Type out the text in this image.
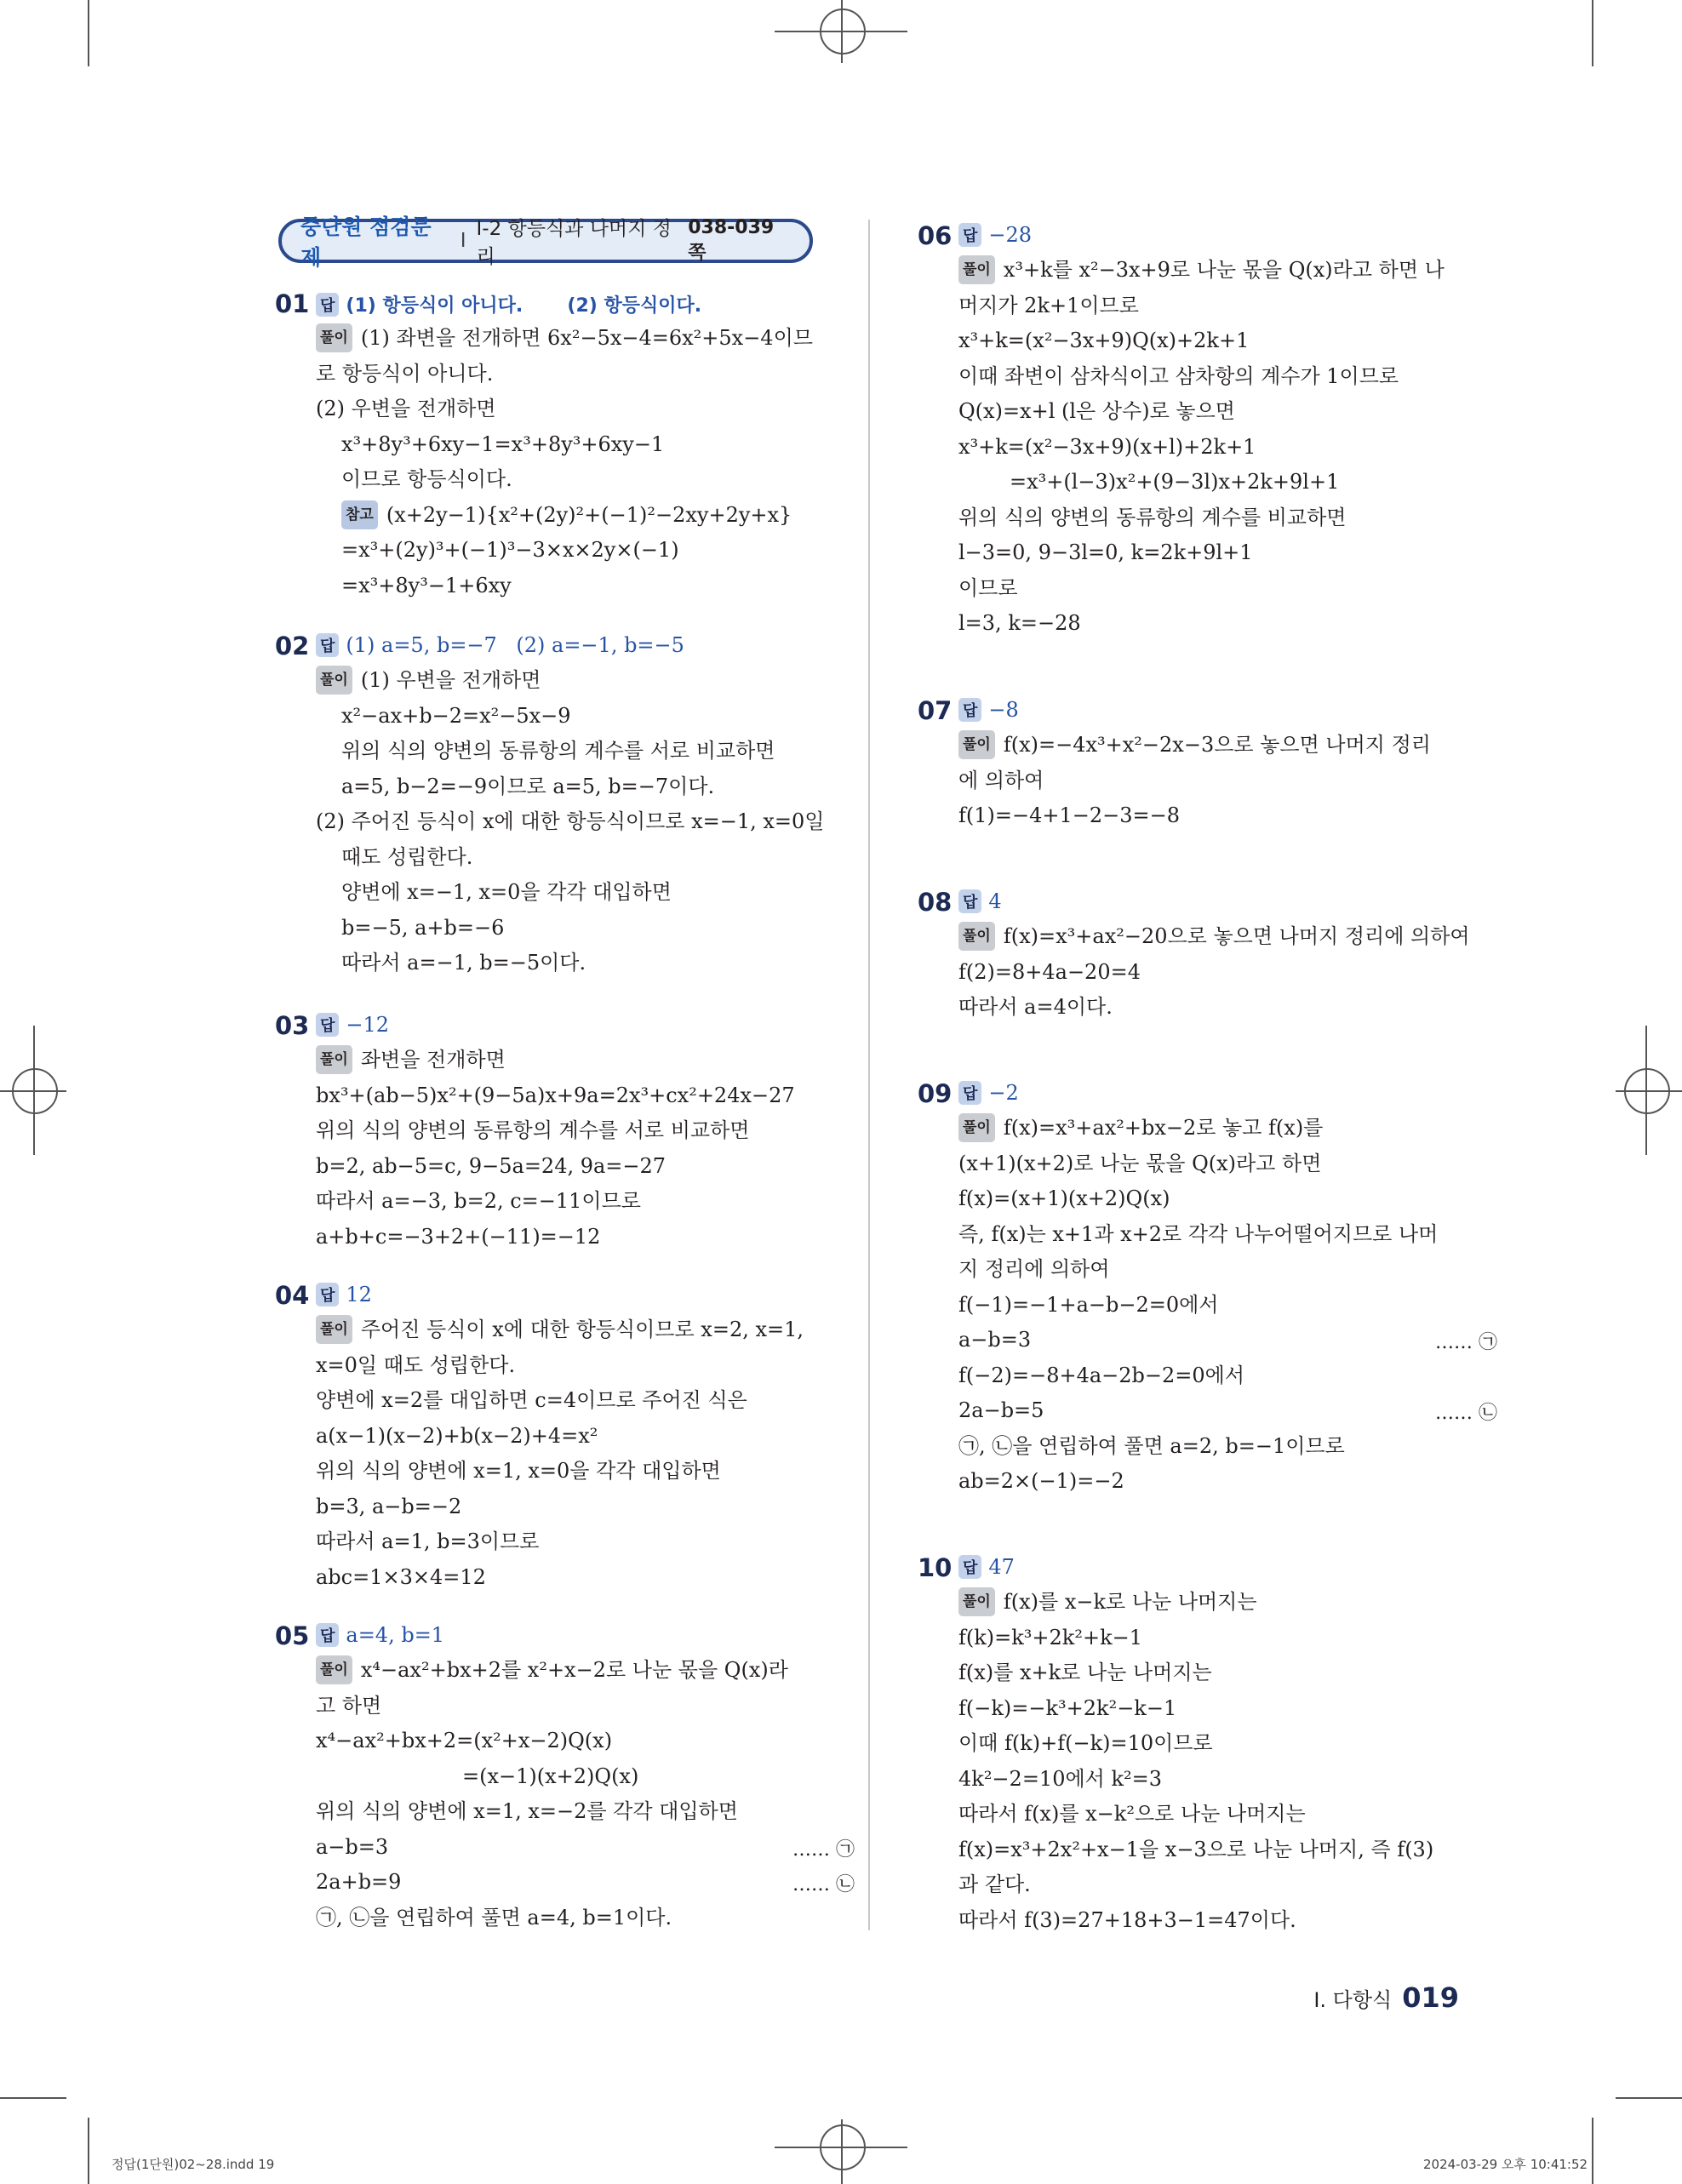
중단원 점검문제
I
I-2 항등식과 나머지 정리
038-039쪽
01 답 (1) 항등식이 아니다. (2) 항등식이다.
풀이 (1) 좌변을 전개하면 6x²−5x−4=6x²+5x−4이므
로 항등식이 아니다.
(2) 우변을 전개하면
x³+8y³+6xy−1=x³+8y³+6xy−1
이므로 항등식이다.
참고 (x+2y−1){x²+(2y)²+(−1)²−2xy+2y+x}
=x³+(2y)³+(−1)³−3×x×2y×(−1)
=x³+8y³−1+6xy
02 답 (1) a=5, b=−7 (2) a=−1, b=−5
풀이 (1) 우변을 전개하면
x²−ax+b−2=x²−5x−9
위의 식의 양변의 동류항의 계수를 서로 비교하면
a=5, b−2=−9이므로 a=5, b=−7이다.
(2) 주어진 등식이 x에 대한 항등식이므로 x=−1, x=0일
때도 성립한다.
양변에 x=−1, x=0을 각각 대입하면
b=−5, a+b=−6
따라서 a=−1, b=−5이다.
03 답 −12
풀이 좌변을 전개하면
bx³+(ab−5)x²+(9−5a)x+9a=2x³+cx²+24x−27
위의 식의 양변의 동류항의 계수를 서로 비교하면
b=2, ab−5=c, 9−5a=24, 9a=−27
따라서 a=−3, b=2, c=−11이므로
a+b+c=−3+2+(−11)=−12
04 답 12
풀이 주어진 등식이 x에 대한 항등식이므로 x=2, x=1,
x=0일 때도 성립한다.
양변에 x=2를 대입하면 c=4이므로 주어진 식은
a(x−1)(x−2)+b(x−2)+4=x²
위의 식의 양변에 x=1, x=0을 각각 대입하면
b=3, a−b=−2
따라서 a=1, b=3이므로
abc=1×3×4=12
05 답 a=4, b=1
풀이 x⁴−ax²+bx+2를 x²+x−2로 나눈 몫을 Q(x)라
고 하면
x⁴−ax²+bx+2=(x²+x−2)Q(x)
=(x−1)(x+2)Q(x)
위의 식의 양변에 x=1, x=−2를 각각 대입하면
a−b=3	…… ㉠
2a+b=9	…… ㉡
㉠, ㉡을 연립하여 풀면 a=4, b=1이다.
06 답 −28
풀이 x³+k를 x²−3x+9로 나눈 몫을 Q(x)라고 하면 나
머지가 2k+1이므로
x³+k=(x²−3x+9)Q(x)+2k+1
이때 좌변이 삼차식이고 삼차항의 계수가 1이므로
Q(x)=x+l (l은 상수)로 놓으면
x³+k=(x²−3x+9)(x+l)+2k+1
=x³+(l−3)x²+(9−3l)x+2k+9l+1
위의 식의 양변의 동류항의 계수를 비교하면
l−3=0, 9−3l=0, k=2k+9l+1
이므로
l=3, k=−28
07 답 −8
풀이 f(x)=−4x³+x²−2x−3으로 놓으면 나머지 정리
에 의하여
f(1)=−4+1−2−3=−8
08 답 4
풀이 f(x)=x³+ax²−20으로 놓으면 나머지 정리에 의하여
f(2)=8+4a−20=4
따라서 a=4이다.
09 답 −2
풀이 f(x)=x³+ax²+bx−2로 놓고 f(x)를
(x+1)(x+2)로 나눈 몫을 Q(x)라고 하면
f(x)=(x+1)(x+2)Q(x)
즉, f(x)는 x+1과 x+2로 각각 나누어떨어지므로 나머
지 정리에 의하여
f(−1)=−1+a−b−2=0에서
a−b=3	…… ㉠
f(−2)=−8+4a−2b−2=0에서
2a−b=5	…… ㉡
㉠, ㉡을 연립하여 풀면 a=2, b=−1이므로
ab=2×(−1)=−2
10 답 47
풀이 f(x)를 x−k로 나눈 나머지는
f(k)=k³+2k²+k−1
f(x)를 x+k로 나눈 나머지는
f(−k)=−k³+2k²−k−1
이때 f(k)+f(−k)=10이므로
4k²−2=10에서 k²=3
따라서 f(x)를 x−k²으로 나눈 나머지는
f(x)=x³+2x²+x−1을 x−3으로 나눈 나머지, 즉 f(3)
과 같다.
따라서 f(3)=27+18+3−1=47이다.
I. 다항식 019
정답(1단원)02~28.indd 19	2024-03-29 오후 10:41:52
